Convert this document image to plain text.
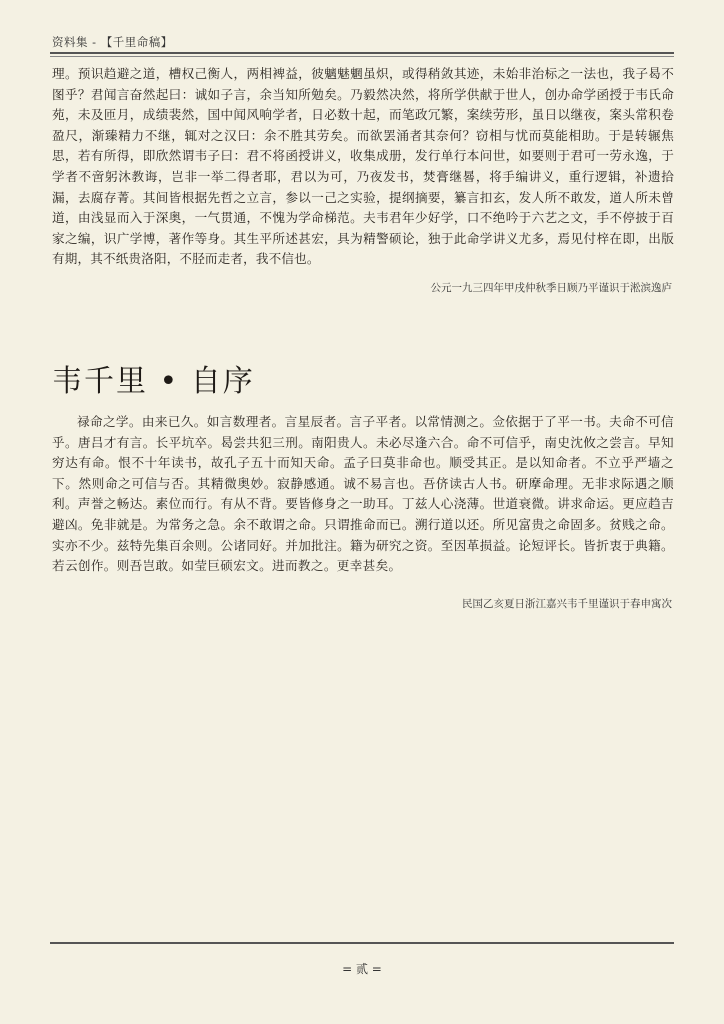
资料集 - 【千里命稿】
理。预识趋避之道，槽权己衡人，两相裨益，彼魑魅魍虽炽，或得稍敛其迹，未始非治标之一法也，我子曷不图乎？君闻言奋然起曰：诚如子言，余当知所勉矣。乃毅然决然，将所学供献于世人，创办命学函授于韦氏命苑，未及匝月，成绩裴然，国中闻风响学者，日必数十起，而笔政冗繁，案续劳形，虽日以继夜，案头常积卷盈尺，渐臻精力不继，辄对之汉曰：余不胜其劳矣。而欲罢涌者其奈何？窃相与忧而莫能相助。于是转辗焦思，若有所得，即欣然谓韦子曰：君不将函授讲义，收集成册，发行单行本问世，如要则于君可一劳永逸，于学者不啻躬沐教诲，岂非一举二得者耶，君以为可，乃夜发书，焚膏继晷，将手编讲义，重行逻辑，补遗拾漏，去腐存菁。其间皆根据先哲之立言，参以一己之实验，提纲摘要，纂言扣玄，发人所不敢发，道人所未曾道，由浅显而入于深奥，一气贯通，不愧为学命梯范。夫韦君年少好学，口不绝吟于六艺之文，手不停披于百家之编，识广学博，著作等身。其生平所述甚宏，具为精警硕论，独于此命学讲义尤多，焉见付梓在即，出版有期，其不纸贵洛阳，不胫而走者，我不信也。
公元一九三四年甲戌仲秋季日顾乃平谨识于淞滨逸庐
韦千里 • 自序
禄命之学。由来已久。如言数理者。言星辰者。言子平者。以常情测之。佥依据于了平一书。夫命不可信乎。唐吕才有言。长平坑卒。曷尝共犯三刑。南阳贵人。未必尽逢六合。命不可信乎，南史沈攸之尝言。早知穷达有命。恨不十年读书，故孔子五十而知天命。孟子曰莫非命也。顺受其正。是以知命者。不立乎严墙之下。然则命之可信与否。其精微奥妙。寂静感通。诚不易言也。吾侪读古人书。研摩命理。无非求际遇之顺利。声誉之畅达。素位而行。有从不背。要皆修身之一助耳。丁兹人心浇薄。世道衰微。讲求命运。更应趋吉避凶。免非就是。为常务之急。余不敢谓之命。只谓推命而已。溯行道以还。所见富贵之命固多。贫贱之命。实亦不少。兹特先集百余则。公诸同好。并加批注。籍为研究之资。至因革损益。论短评长。皆折衷于典籍。若云创作。则吾岂敢。如莹巨硕宏文。进而教之。更幸甚矣。
民国乙亥夏日浙江嘉兴韦千里谨识于春申寓次
= 贰 =
